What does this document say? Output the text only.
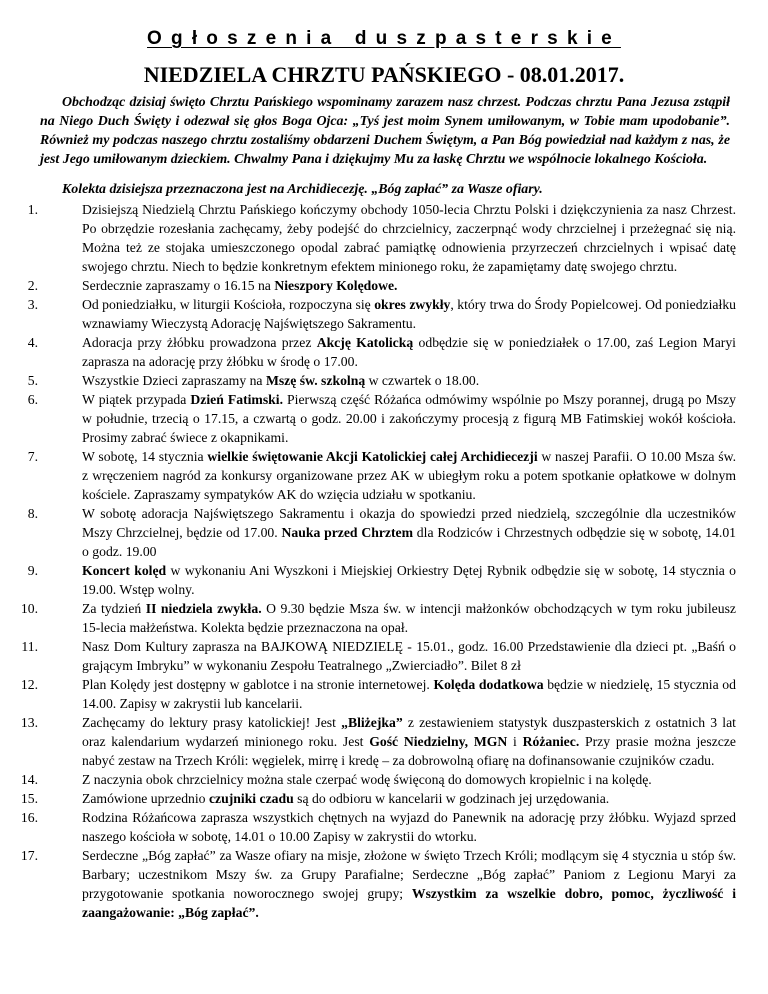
Ogłoszenia duszpasterskie
NIEDZIELA CHRZTU PAŃSKIEGO - 08.01.2017.
Obchodząc dzisiaj święto Chrztu Pańskiego wspominamy zarazem nasz chrzest. Podczas chrztu Pana Jezusa zstąpił na Niego Duch Święty i odezwał się głos Boga Ojca: „Tyś jest moim Synem umiłowanym, w Tobie mam upodobanie”. Również my podczas naszego chrztu zostaliśmy obdarzeni Duchem Świętym, a Pan Bóg powiedział nad każdym z nas, że jest Jego umiłowanym dzieckiem. Chwalmy Pana i dziękujmy Mu za łaskę Chrztu we wspólnocie lokalnego Kościoła.
Kolekta dzisiejsza przeznaczona jest na Archidiecezję. „Bóg zapłać” za Wasze ofiary.
1.	Dzisiejszą Niedzielą Chrztu Pańskiego kończymy obchody 1050-lecia Chrztu Polski i dziękczynienia za nasz Chrzest. Po obrzędzie rozesłania zachęcamy, żeby podejść do chrzcielnicy, zaczerpnąć wody chrzcielnej i przeżegnać się nią. Można też ze stojaka umieszczonego opodal zabrać pamiątkę odnowienia przyrzeczeń chrzcielnych i wpisać datę swojego chrztu. Niech to będzie konkretnym efektem minionego roku, że zapamiętamy datę swojego chrztu.
2.	Serdecznie zapraszamy o 16.15 na Nieszpory Kolędowe.
3.	Od poniedziałku, w liturgii Kościoła, rozpoczyna się okres zwykły, który trwa do Środy Popielcowej. Od poniedziałku wznawiamy Wieczystą Adorację Najświętszego Sakramentu.
4.	Adoracja przy żłóbku prowadzona przez Akcję Katolicką odbędzie się w poniedziałek o 17.00, zaś Legion Maryi zaprasza na adorację przy żłóbku w środę o 17.00.
5.	Wszystkie Dzieci zapraszamy na Mszę św. szkolną w czwartek o 18.00.
6.	W piątek przypada Dzień Fatimski. Pierwszą część Różańca odmówimy wspólnie po Mszy porannej, drugą po Mszy w południe, trzecią o 17.15, a czwartą o godz. 20.00 i zakończymy procesją z figurą MB Fatimskiej wokół kościoła. Prosimy zabrać świece z okapnikami.
7.	W sobotę, 14 stycznia wielkie świętowanie Akcji Katolickiej całej Archidiecezji w naszej Parafii. O 10.00 Msza św. z wręczeniem nagród za konkursy organizowane przez AK w ubiegłym roku a potem spotkanie opłatkowe w dolnym kościele. Zapraszamy sympatyków AK do wzięcia udziału w spotkaniu.
8.	W sobotę adoracja Najświętszego Sakramentu i okazja do spowiedzi przed niedzielą, szczególnie dla uczestników Mszy Chrzcielnej, będzie od 17.00. Nauka przed Chrztem dla Rodziców i Chrzestnych odbędzie się w sobotę, 14.01 o godz. 19.00
9.	Koncert kolęd w wykonaniu Ani Wyszkoni i Miejskiej Orkiestry Dętej Rybnik odbędzie się w sobotę, 14 stycznia o 19.00. Wstęp wolny.
10.	Za tydzień II niedziela zwykła. O 9.30 będzie Msza św. w intencji małżonków obchodzących w tym roku jubileusz 15-lecia małżeństwa. Kolekta będzie przeznaczona na opał.
11.	Nasz Dom Kultury zaprasza na BAJKOWĄ NIEDZIELĘ - 15.01., godz. 16.00 Przedstawienie dla dzieci pt. „Baśń o grającym Imbryku” w wykonaniu Zespołu Teatralnego „Zwierciadło”. Bilet 8 zł
12.	Plan Kolędy jest dostępny w gablotce i na stronie internetowej. Kolęda dodatkowa będzie w niedzielę, 15 stycznia od 14.00. Zapisy w zakrystii lub kancelarii.
13.	Zachęcamy do lektury prasy katolickiej! Jest „Bliżejka” z zestawieniem statystyk duszpasterskich z ostatnich 3 lat oraz kalendarium wydarzeń minionego roku. Jest Gość Niedzielny, MGN i Różaniec. Przy prasie można jeszcze nabyć zestaw na Trzech Króli: węgielek, mirrę i kredę – za dobrowolną ofiarę na dofinansowanie czujników czadu.
14.	Z naczynia obok chrzcielnicy można stale czerpać wodę święconą do domowych kropielnic i na kolędę.
15.	Zamówione uprzednio czujniki czadu są do odbioru w kancelarii w godzinach jej urzędowania.
16.	Rodzina Różańcowa zaprasza wszystkich chętnych na wyjazd do Panewnik na adorację przy żłóbku. Wyjazd sprzed naszego kościoła w sobotę, 14.01 o 10.00 Zapisy w zakrystii do wtorku.
17.	Serdeczne „Bóg zapłać” za Wasze ofiary na misje, złożone w święto Trzech Króli; modlącym się 4 stycznia u stóp św. Barbary; uczestnikom Mszy św. za Grupy Parafialne; Serdeczne „Bóg zapłać” Paniom z Legionu Maryi za przygotowanie spotkania noworocznego swojej grupy; Wszystkim za wszelkie dobro, pomoc, życzliwość i zaangażowanie: „Bóg zapłać”.
